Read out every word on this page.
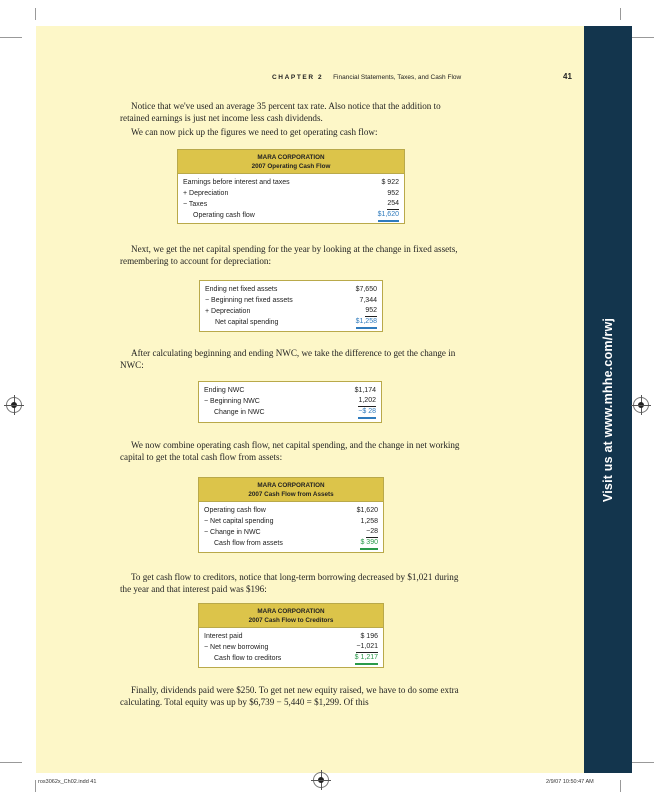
Visit us at www.mhhe.com/rwj
CHAPTER 2 Financial Statements, Taxes, and Cash Flow	41

Notice that we've used an average 35 percent tax rate. Also notice that the addition to retained earnings is just net income less cash dividends.

We can now pick up the figures we need to get operating cash flow:

MARA CORPORATION
2007 Operating Cash Flow
Earnings before interest and taxes	$ 922
+ Depreciation	952
− Taxes	254
Operating cash flow	$1,620

Next, we get the net capital spending for the year by looking at the change in fixed assets, remembering to account for depreciation:

Ending net fixed assets	$7,650
− Beginning net fixed assets	7,344
+ Depreciation	952
Net capital spending	$1,258

After calculating beginning and ending NWC, we take the difference to get the change in NWC:

Ending NWC	$1,174
− Beginning NWC	1,202
Change in NWC	−$ 28

We now combine operating cash flow, net capital spending, and the change in net working capital to get the total cash flow from assets:

MARA CORPORATION
2007 Cash Flow from Assets
Operating cash flow	$1,620
− Net capital spending	1,258
− Change in NWC	−28
Cash flow from assets	$ 390

To get cash flow to creditors, notice that long-term borrowing decreased by $1,021 during the year and that interest paid was $196:

MARA CORPORATION
2007 Cash Flow to Creditors
Interest paid	$ 196
− Net new borrowing	−1,021
Cash flow to creditors	$ 1,217

Finally, dividends paid were $250. To get net new equity raised, we have to do some extra calculating. Total equity was up by $6,739 − 5,440 = $1,299. Of this

ros3062x_Ch02.indd 41	2/9/07 10:50:47 AM
